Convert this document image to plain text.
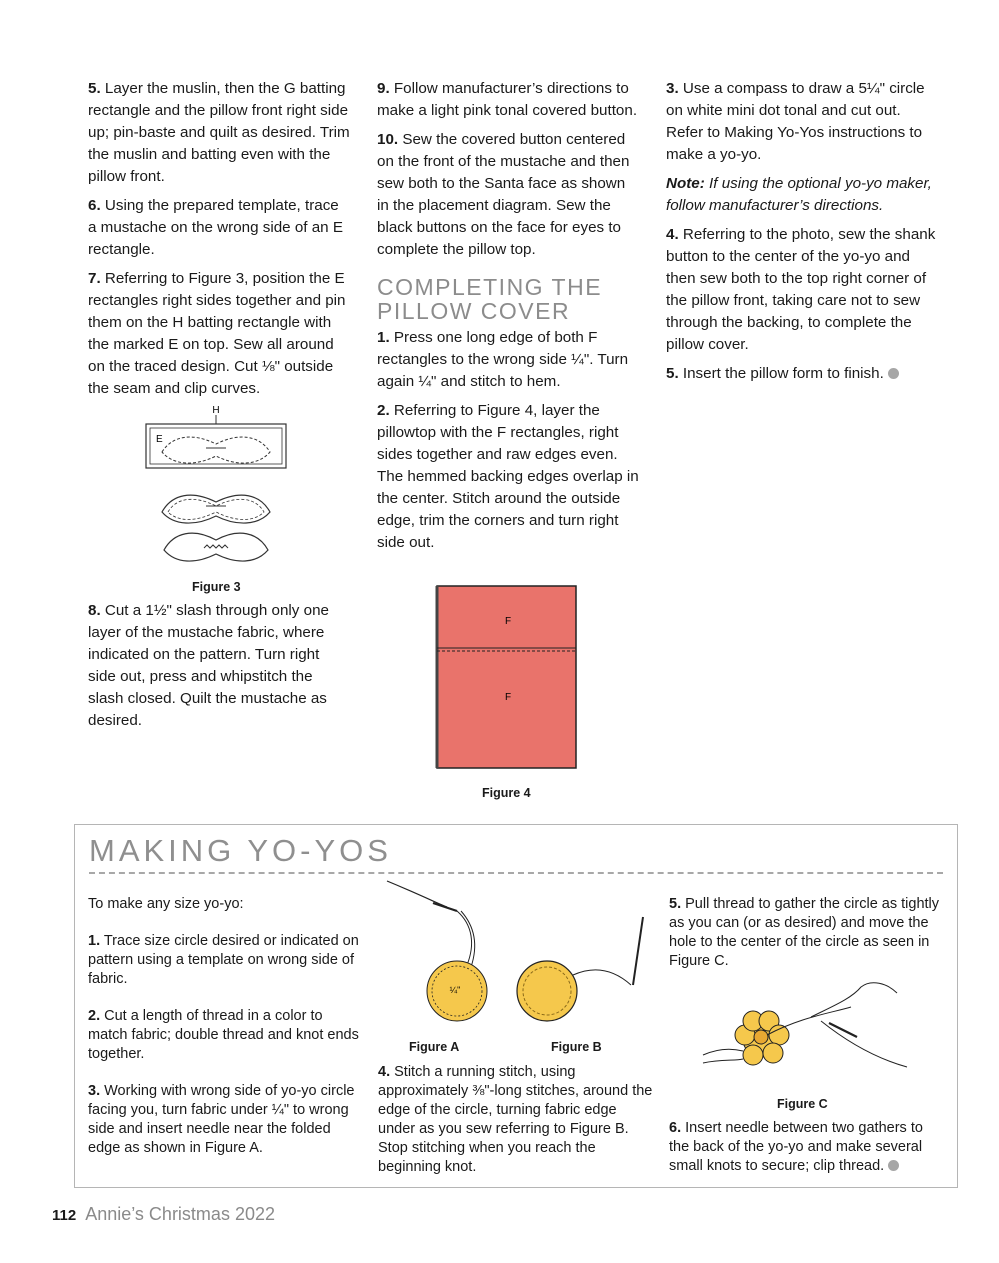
5. Layer the muslin, then the G batting rectangle and the pillow front right side up; pin-baste and quilt as desired. Trim the muslin and batting even with the pillow front.

6. Using the prepared template, trace a mustache on the wrong side of an E rectangle.

7. Referring to Figure 3, position the E rectangles right sides together and pin them on the H batting rectangle with the marked E on top. Sew all around on the traced design. Cut ⅛" outside the seam and clip curves.

H
E
Figure 3

8. Cut a 1½" slash through only one layer of the mustache fabric, where indicated on the pattern. Turn right side out, press and whipstitch the slash closed. Quilt the mustache as desired.

9. Follow manufacturer’s directions to make a light pink tonal covered button.

10. Sew the covered button centered on the front of the mustache and then sew both to the Santa face as shown in the placement diagram. Sew the black buttons on the face for eyes to complete the pillow top.

COMPLETING THE PILLOW COVER

1. Press one long edge of both F rectangles to the wrong side ¼". Turn again ¼" and stitch to hem.

2. Referring to Figure 4, layer the pillowtop with the F rectangles, right sides together and raw edges even. The hemmed backing edges overlap in the center. Stitch around the outside edge, trim the corners and turn right side out.

F
F
Figure 4

3. Use a compass to draw a 5¼" circle on white mini dot tonal and cut out. Refer to Making Yo-Yos instructions to make a yo-yo.

Note: If using the optional yo-yo maker, follow manufacturer’s directions.

4. Referring to the photo, sew the shank button to the center of the yo-yo and then sew both to the top right corner of the pillow front, taking care not to sew through the backing, to complete the pillow cover.

5. Insert the pillow form to finish.

MAKING YO-YOS

To make any size yo-yo:

1. Trace size circle desired or indicated on pattern using a template on wrong side of fabric.

2. Cut a length of thread in a color to match fabric; double thread and knot ends together.

3. Working with wrong side of yo-yo circle facing you, turn fabric under ¼" to wrong side and insert needle near the folded edge as shown in Figure A.

¼"
Figure A	Figure B

4. Stitch a running stitch, using approximately ⅜"-long stitches, around the edge of the circle, turning fabric edge under as you sew referring to Figure B. Stop stitching when you reach the beginning knot.

5. Pull thread to gather the circle as tightly as you can (or as desired) and move the hole to the center of the circle as seen in Figure C.

Figure C

6. Insert needle between two gathers to the back of the yo-yo and make several small knots to secure; clip thread.

112 Annie’s Christmas 2022
